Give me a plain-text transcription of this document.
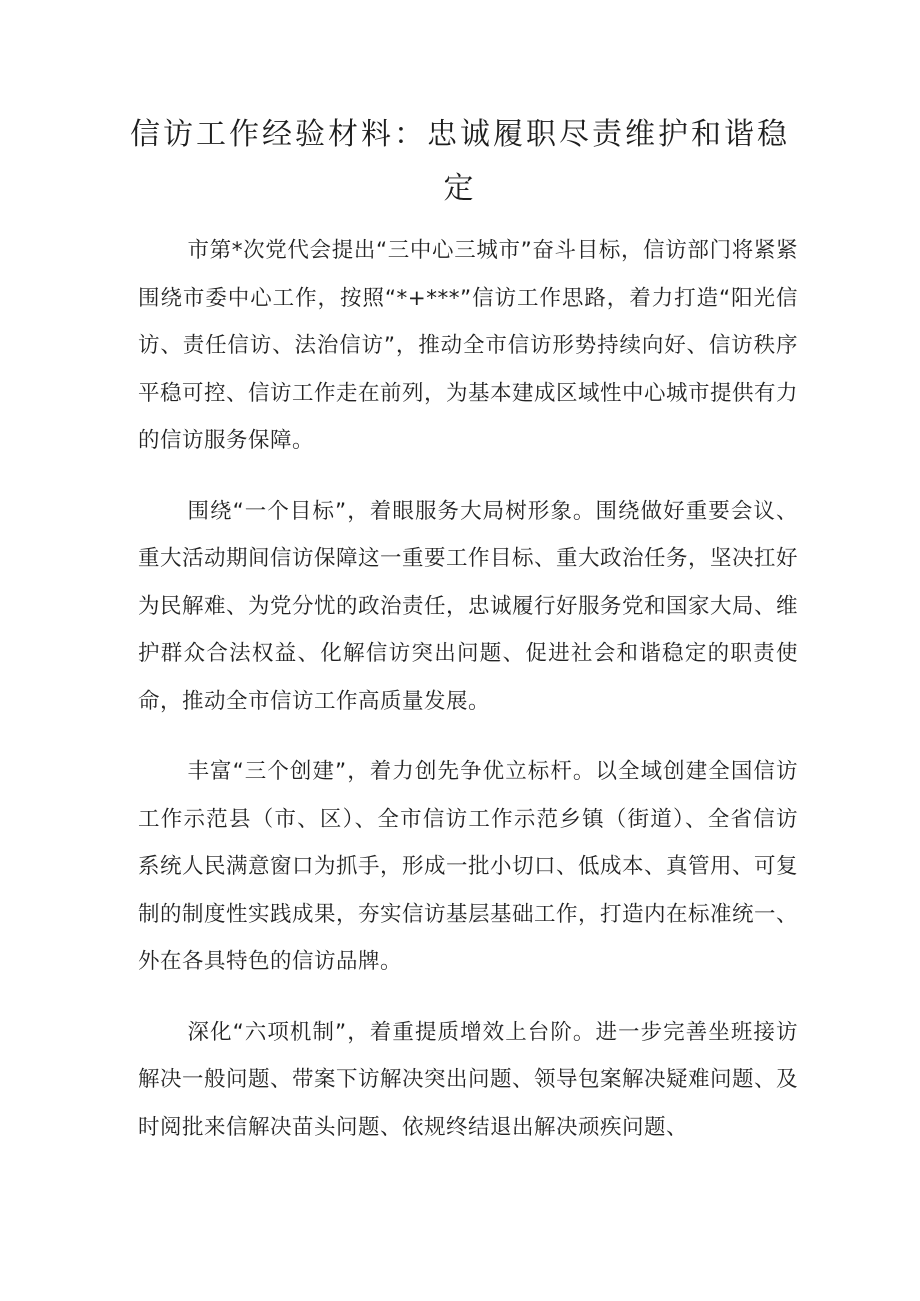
信访工作经验材料：忠诚履职尽责维护和谐稳定

市第*次党代会提出“三中心三城市”奋斗目标，信访部门将紧紧围绕市委中心工作，按照“*+***”信访工作思路，着力打造“阳光信访、责任信访、法治信访”，推动全市信访形势持续向好、信访秩序平稳可控、信访工作走在前列，为基本建成区域性中心城市提供有力的信访服务保障。

围绕“一个目标”，着眼服务大局树形象。围绕做好重要会议、重大活动期间信访保障这一重要工作目标、重大政治任务，坚决扛好为民解难、为党分忧的政治责任，忠诚履行好服务党和国家大局、维护群众合法权益、化解信访突出问题、促进社会和谐稳定的职责使命，推动全市信访工作高质量发展。

丰富“三个创建”，着力创先争优立标杆。以全域创建全国信访工作示范县（市、区）、全市信访工作示范乡镇（街道）、全省信访系统人民满意窗口为抓手，形成一批小切口、低成本、真管用、可复制的制度性实践成果，夯实信访基层基础工作，打造内在标准统一、外在各具特色的信访品牌。

深化“六项机制”，着重提质增效上台阶。进一步完善坐班接访解决一般问题、带案下访解决突出问题、领导包案解决疑难问题、及时阅批来信解决苗头问题、依规终结退出解决顽疾问题、
